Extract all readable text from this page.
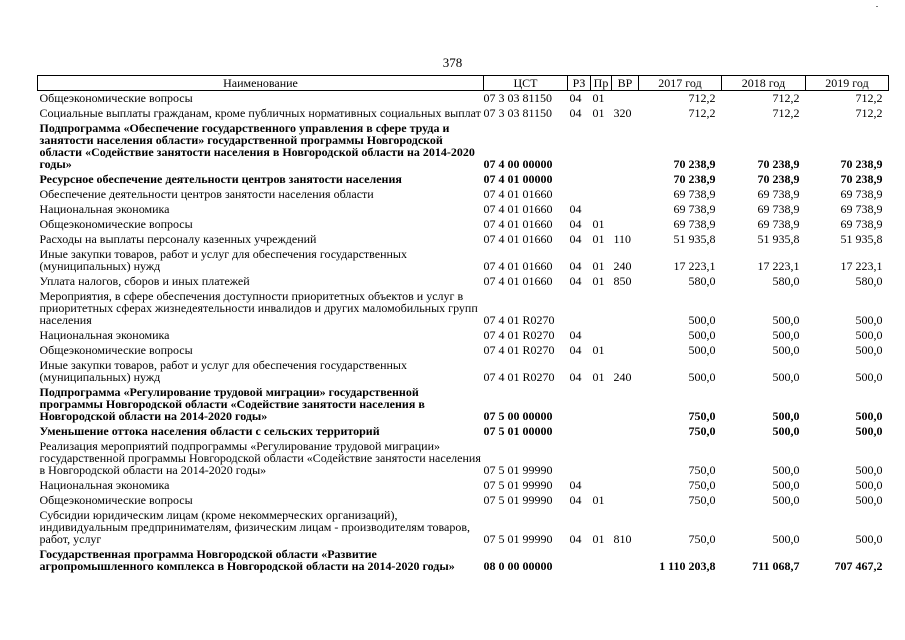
378
Наименование	ЦСТ	РЗ	Пр	ВР	2017 год	2018 год	2019 год
Общеэкономические вопросы	07 3 03 81150	04	01		712,2	712,2	712,2
Социальные выплаты гражданам, кроме публичных нормативных социальных выплат	07 3 03 81150	04	01	320	712,2	712,2	712,2
Подпрограмма «Обеспечение государственного управления в сфере труда и занятости населения области» государственной программы Новгородской области «Содействие занятости населения в Новгородской области на 2014-2020 годы»	07 4 00 00000				70 238,9	70 238,9	70 238,9
Ресурсное обеспечение деятельности центров занятости населения	07 4 01 00000				70 238,9	70 238,9	70 238,9
Обеспечение деятельности центров занятости населения области	07 4 01 01660				69 738,9	69 738,9	69 738,9
Национальная экономика	07 4 01 01660	04			69 738,9	69 738,9	69 738,9
Общеэкономические вопросы	07 4 01 01660	04	01		69 738,9	69 738,9	69 738,9
Расходы на выплаты персоналу казенных учреждений	07 4 01 01660	04	01	110	51 935,8	51 935,8	51 935,8
Иные закупки товаров, работ и услуг для обеспечения государственных (муниципальных) нужд	07 4 01 01660	04	01	240	17 223,1	17 223,1	17 223,1
Уплата налогов, сборов и иных платежей	07 4 01 01660	04	01	850	580,0	580,0	580,0
Мероприятия, в сфере обеспечения доступности приоритетных объектов и услуг в приоритетных сферах жизнедеятельности инвалидов и других маломобильных групп населения	07 4 01 R0270				500,0	500,0	500,0
Национальная экономика	07 4 01 R0270	04			500,0	500,0	500,0
Общеэкономические вопросы	07 4 01 R0270	04	01		500,0	500,0	500,0
Иные закупки товаров, работ и услуг для обеспечения государственных (муниципальных) нужд	07 4 01 R0270	04	01	240	500,0	500,0	500,0
Подпрограмма «Регулирование трудовой миграции» государственной программы Новгородской области «Содействие занятости населения в Новгородской области на 2014-2020 годы»	07 5 00 00000				750,0	500,0	500,0
Уменьшение оттока населения области с сельских территорий	07 5 01 00000				750,0	500,0	500,0
Реализация мероприятий подпрограммы «Регулирование трудовой миграции» государственной программы Новгородской области «Содействие занятости населения в Новгородской области на 2014-2020 годы»	07 5 01 99990				750,0	500,0	500,0
Национальная экономика	07 5 01 99990	04			750,0	500,0	500,0
Общеэкономические вопросы	07 5 01 99990	04	01		750,0	500,0	500,0
Субсидии юридическим лицам (кроме некоммерческих организаций), индивидуальным предпринимателям, физическим лицам - производителям товаров, работ, услуг	07 5 01 99990	04	01	810	750,0	500,0	500,0
Государственная программа Новгородской области «Развитие агропромышленного комплекса в Новгородской области на 2014-2020 годы»	08 0 00 00000				1 110 203,8	711 068,7	707 467,2
